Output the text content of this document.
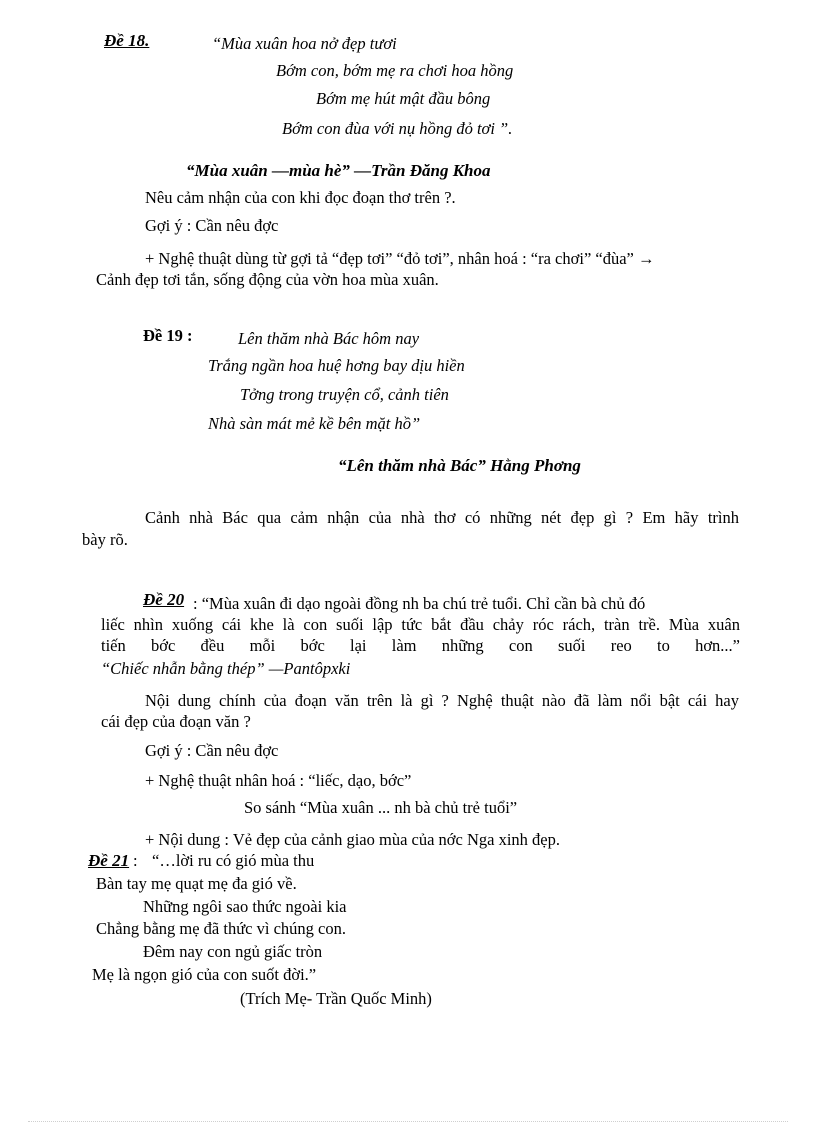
Đề 18.	“Mùa xuân hoa nở đẹp tươi
Bớm con, bớm mẹ ra chơi hoa hồng
Bớm mẹ hút mật đầu bông
Bớm con đùa với nụ hồng đỏ tơi ”.
“Mùa xuân —mùa hè” —Trần Đăng Khoa
Nêu cảm nhận của con khi đọc đoạn thơ trên ?.
Gợi ý : Cần nêu đợc
+ Nghệ thuật dùng từ gợi tả “đẹp tơi” “đỏ tơi”, nhân hoá : “ra chơi” “đùa” →
Cảnh đẹp tơi tắn, sống động của vờn hoa mùa xuân.
Đề 19 :	Lên thăm nhà Bác hôm nay
Trắng ngần hoa huệ hơng bay dịu hiền
Tởng trong truyện cổ, cảnh tiên
Nhà sàn mát mẻ kề bên mặt hồ”
“Lên thăm nhà Bác” Hằng Phơng
Cảnh nhà Bác qua cảm nhận của nhà thơ có những nét đẹp gì ? Em hãy trình
bày rõ.
Đề 20 : “Mùa xuân đi dạo ngoài đồng nh ba chú trẻ tuổi. Chỉ cần bà chủ đó
liếc nhìn xuống cái khe là con suối lập tức bắt đầu chảy róc rách, tràn trề. Mùa xuân
tiến bớc đều mỗi bớc lại làm những con suối reo to hơn...”
“Chiếc nhẫn bằng thép” —Pantôpxki
Nội dung chính của đoạn văn trên là gì ? Nghệ thuật nào đã làm nổi bật cái hay
cái đẹp của đoạn văn ?
Gợi ý : Cần nêu đợc
+ Nghệ thuật nhân hoá : “liếc, dạo, bớc”
So sánh “Mùa xuân ... nh bà chủ trẻ tuổi”
+ Nội dung : Vẻ đẹp của cảnh giao mùa của nớc Nga xinh đẹp.
Đề 21 : “…lời ru có gió mùa thu
Bàn tay mẹ quạt mẹ đa gió về.
Những ngôi sao thức ngoài kia
Chẳng bằng mẹ đã thức vì chúng con.
Đêm nay con ngủ giấc tròn
Mẹ là ngọn gió của con suốt đời.”
(Trích Mẹ- Trần Quốc Minh)
